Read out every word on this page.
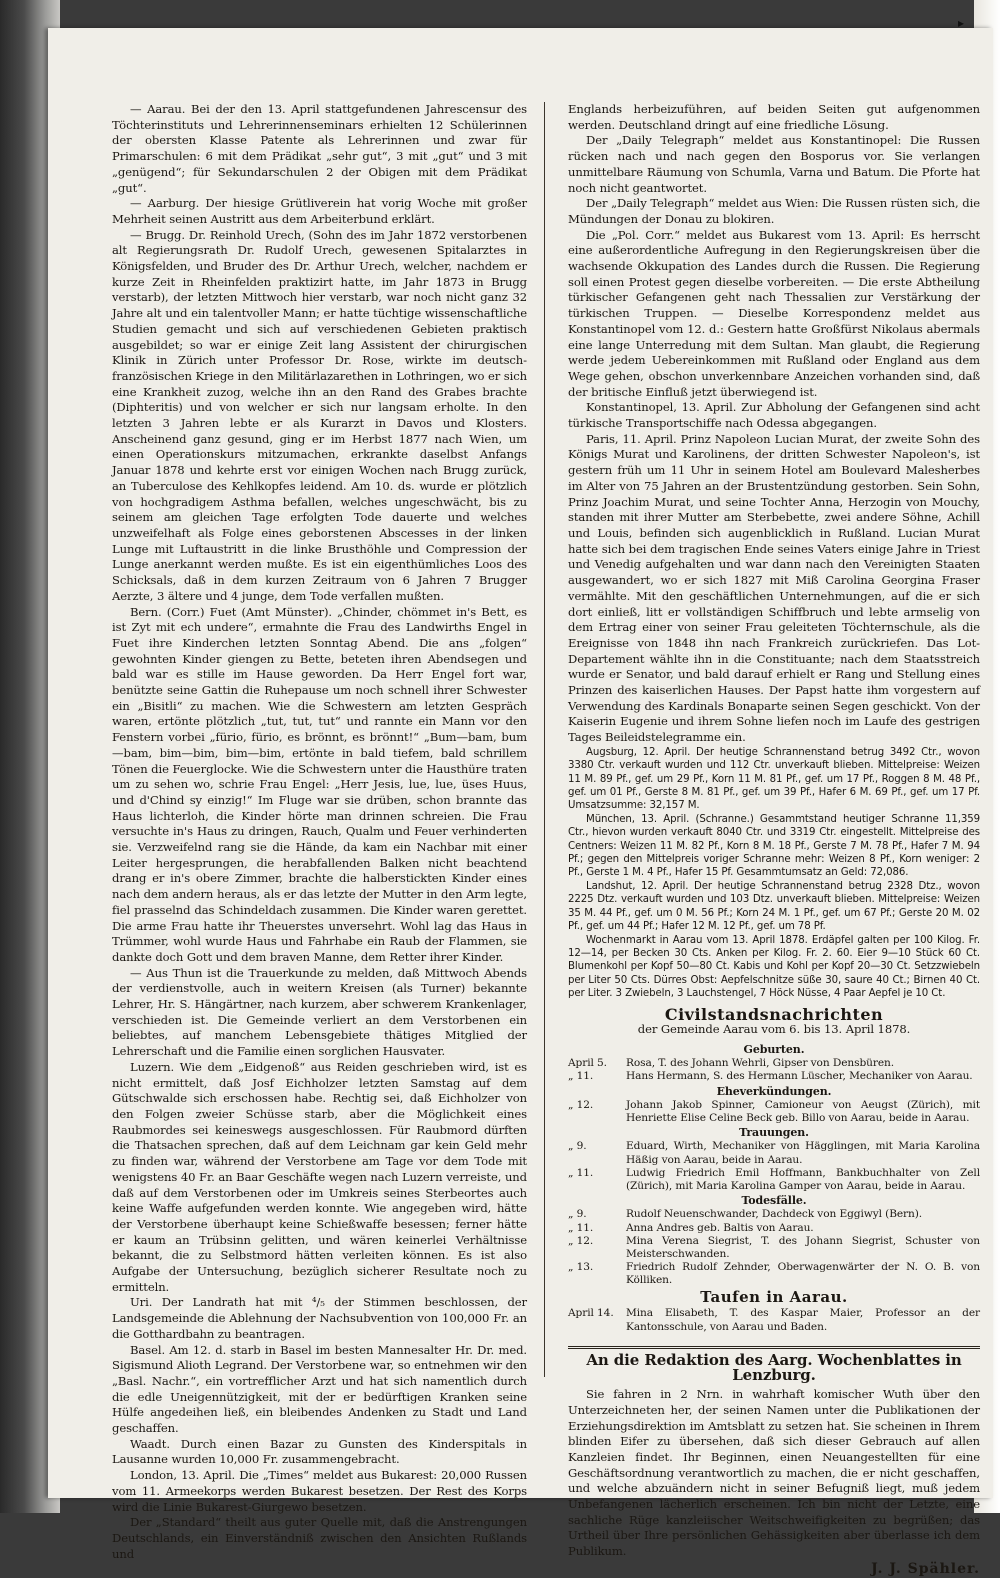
▸

— Aarau. Bei der den 13. April stattgefundenen Jahrescensur des Töchterinstituts und Lehrerinnenseminars erhielten 12 Schülerinnen der obersten Klasse Patente als Lehrerinnen und zwar für Primarschulen: 6 mit dem Prädikat „sehr gut“, 3 mit „gut“ und 3 mit „genügend“; für Sekundarschulen 2 der Obigen mit dem Prädikat „gut“.

— Aarburg. Der hiesige Grütliverein hat vorig Woche mit großer Mehrheit seinen Austritt aus dem Arbeiterbund erklärt.

— Brugg. Dr. Reinhold Urech, (Sohn des im Jahr 1872 verstorbenen alt Regierungsrath Dr. Rudolf Urech, gewesenen Spitalarztes in Königsfelden, und Bruder des Dr. Arthur Urech, welcher, nachdem er kurze Zeit in Rheinfelden praktizirt hatte, im Jahr 1873 in Brugg verstarb), der letzten Mittwoch hier verstarb, war noch nicht ganz 32 Jahre alt und ein talentvoller Mann; er hatte tüchtige wissenschaftliche Studien gemacht und sich auf verschiedenen Gebieten praktisch ausgebildet; so war er einige Zeit lang Assistent der chirurgischen Klinik in Zürich unter Professor Dr. Rose, wirkte im deutsch-französischen Kriege in den Militärlazarethen in Lothringen, wo er sich eine Krankheit zuzog, welche ihn an den Rand des Grabes brachte (Diphteritis) und von welcher er sich nur langsam erholte. In den letzten 3 Jahren lebte er als Kurarzt in Davos und Klosters. Anscheinend ganz gesund, ging er im Herbst 1877 nach Wien, um einen Operationskurs mitzumachen, erkrankte daselbst Anfangs Januar 1878 und kehrte erst vor einigen Wochen nach Brugg zurück, an Tuberculose des Kehlkopfes leidend. Am 10. ds. wurde er plötzlich von hochgradigem Asthma befallen, welches ungeschwächt, bis zu seinem am gleichen Tage erfolgten Tode dauerte und welches unzweifelhaft als Folge eines geborstenen Abscesses in der linken Lunge mit Luftaustritt in die linke Brusthöhle und Compression der Lunge anerkannt werden mußte. Es ist ein eigenthümliches Loos des Schicksals, daß in dem kurzen Zeitraum von 6 Jahren 7 Brugger Aerzte, 3 ältere und 4 junge, dem Tode verfallen mußten.

Bern. (Corr.) Fuet (Amt Münster). „Chinder, chömmet in's Bett, es ist Zyt mit ech undere“, ermahnte die Frau des Landwirths Engel in Fuet ihre Kinderchen letzten Sonntag Abend. Die ans „folgen“ gewohnten Kinder giengen zu Bette, beteten ihren Abendsegen und bald war es stille im Hause geworden. Da Herr Engel fort war, benützte seine Gattin die Ruhepause um noch schnell ihrer Schwester ein „Bisitli“ zu machen. Wie die Schwestern am letzten Gespräch waren, ertönte plötzlich „tut, tut, tut“ und rannte ein Mann vor den Fenstern vorbei „fürio, fürio, es brönnt, es brönnt!“ „Bum—bam, bum—bam, bim—bim, bim—bim, ertönte in bald tiefem, bald schrillem Tönen die Feuerglocke. Wie die Schwestern unter die Hausthüre traten um zu sehen wo, schrie Frau Engel: „Herr Jesis, lue, lue, üses Huus, und d'Chind sy einzig!“ Im Fluge war sie drüben, schon brannte das Haus lichterloh, die Kinder hörte man drinnen schreien. Die Frau versuchte in's Haus zu dringen, Rauch, Qualm und Feuer verhinderten sie. Verzweifelnd rang sie die Hände, da kam ein Nachbar mit einer Leiter hergesprungen, die herabfallenden Balken nicht beachtend drang er in's obere Zimmer, brachte die halberstickten Kinder eines nach dem andern heraus, als er das letzte der Mutter in den Arm legte, fiel prasselnd das Schindeldach zusammen. Die Kinder waren gerettet. Die arme Frau hatte ihr Theuerstes unversehrt. Wohl lag das Haus in Trümmer, wohl wurde Haus und Fahrhabe ein Raub der Flammen, sie dankte doch Gott und dem braven Manne, dem Retter ihrer Kinder.

— Aus Thun ist die Trauerkunde zu melden, daß Mittwoch Abends der verdienstvolle, auch in weitern Kreisen (als Turner) bekannte Lehrer, Hr. S. Hängärtner, nach kurzem, aber schwerem Krankenlager, verschieden ist. Die Gemeinde verliert an dem Verstorbenen ein beliebtes, auf manchem Lebensgebiete thätiges Mitglied der Lehrerschaft und die Familie einen sorglichen Hausvater.

Luzern. Wie dem „Eidgenoß“ aus Reiden geschrieben wird, ist es nicht ermittelt, daß Josf Eichholzer letzten Samstag auf dem Gütschwalde sich erschossen habe. Rechtig sei, daß Eichholzer von den Folgen zweier Schüsse starb, aber die Möglichkeit eines Raubmordes sei keineswegs ausgeschlossen. Für Raubmord dürften die Thatsachen sprechen, daß auf dem Leichnam gar kein Geld mehr zu finden war, während der Verstorbene am Tage vor dem Tode mit wenigstens 40 Fr. an Baar Geschäfte wegen nach Luzern verreiste, und daß auf dem Verstorbenen oder im Umkreis seines Sterbeortes auch keine Waffe aufgefunden werden konnte. Wie angegeben wird, hätte der Verstorbene überhaupt keine Schießwaffe besessen; ferner hätte er kaum an Trübsinn gelitten, und wären keinerlei Verhältnisse bekannt, die zu Selbstmord hätten verleiten können. Es ist also Aufgabe der Untersuchung, bezüglich sicherer Resultate noch zu ermitteln.

Uri. Der Landrath hat mit ⁴/₅ der Stimmen beschlossen, der Landsgemeinde die Ablehnung der Nachsubvention von 100,000 Fr. an die Gotthardbahn zu beantragen.

Basel. Am 12. d. starb in Basel im besten Mannesalter Hr. Dr. med. Sigismund Alioth Legrand. Der Verstorbene war, so entnehmen wir den „Basl. Nachr.“, ein vortrefflicher Arzt und hat sich namentlich durch die edle Uneigennützigkeit, mit der er bedürftigen Kranken seine Hülfe angedeihen ließ, ein bleibendes Andenken zu Stadt und Land geschaffen.

Waadt. Durch einen Bazar zu Gunsten des Kinderspitals in Lausanne wurden 10,000 Fr. zusammengebracht.

London, 13. April. Die „Times“ meldet aus Bukarest: 20,000 Russen vom 11. Armeekorps werden Bukarest besetzen. Der Rest des Korps wird die Linie Bukarest-Giurgewo besetzen.

Der „Standard“ theilt aus guter Quelle mit, daß die Anstrengungen Deutschlands, ein Einverständniß zwischen den Ansichten Rußlands und

Englands herbeizuführen, auf beiden Seiten gut aufgenommen werden. Deutschland dringt auf eine friedliche Lösung.

Der „Daily Telegraph“ meldet aus Konstantinopel: Die Russen rücken nach und nach gegen den Bosporus vor. Sie verlangen unmittelbare Räumung von Schumla, Varna und Batum. Die Pforte hat noch nicht geantwortet.

Der „Daily Telegraph“ meldet aus Wien: Die Russen rüsten sich, die Mündungen der Donau zu blokiren.

Die „Pol. Corr.“ meldet aus Bukarest vom 13. April: Es herrscht eine außerordentliche Aufregung in den Regierungskreisen über die wachsende Okkupation des Landes durch die Russen. Die Regierung soll einen Protest gegen dieselbe vorbereiten. — Die erste Abtheilung türkischer Gefangenen geht nach Thessalien zur Verstärkung der türkischen Truppen. — Dieselbe Korrespondenz meldet aus Konstantinopel vom 12. d.: Gestern hatte Großfürst Nikolaus abermals eine lange Unterredung mit dem Sultan. Man glaubt, die Regierung werde jedem Uebereinkommen mit Rußland oder England aus dem Wege gehen, obschon unverkennbare Anzeichen vorhanden sind, daß der britische Einfluß jetzt überwiegend ist.

Konstantinopel, 13. April. Zur Abholung der Gefangenen sind acht türkische Transportschiffe nach Odessa abgegangen.

Paris, 11. April. Prinz Napoleon Lucian Murat, der zweite Sohn des Königs Murat und Karolinens, der dritten Schwester Napoleon's, ist gestern früh um 11 Uhr in seinem Hotel am Boulevard Malesherbes im Alter von 75 Jahren an der Brustentzündung gestorben. Sein Sohn, Prinz Joachim Murat, und seine Tochter Anna, Herzogin von Mouchy, standen mit ihrer Mutter am Sterbebette, zwei andere Söhne, Achill und Louis, befinden sich augenblicklich in Rußland. Lucian Murat hatte sich bei dem tragischen Ende seines Vaters einige Jahre in Triest und Venedig aufgehalten und war dann nach den Vereinigten Staaten ausgewandert, wo er sich 1827 mit Miß Carolina Georgina Fraser vermählte. Mit den geschäftlichen Unternehmungen, auf die er sich dort einließ, litt er vollständigen Schiffbruch und lebte armselig von dem Ertrag einer von seiner Frau geleiteten Töchternschule, als die Ereignisse von 1848 ihn nach Frankreich zurückriefen. Das Lot-Departement wählte ihn in die Constituante; nach dem Staatsstreich wurde er Senator, und bald darauf erhielt er Rang und Stellung eines Prinzen des kaiserlichen Hauses. Der Papst hatte ihm vorgestern auf Verwendung des Kardinals Bonaparte seinen Segen geschickt. Von der Kaiserin Eugenie und ihrem Sohne liefen noch im Laufe des gestrigen Tages Beileidstelegramme ein.

Augsburg, 12. April. Der heutige Schrannenstand betrug 3492 Ctr., wovon 3380 Ctr. verkauft wurden und 112 Ctr. unverkauft blieben. Mittelpreise: Weizen 11 M. 89 Pf., gef. um 29 Pf., Korn 11 M. 81 Pf., gef. um 17 Pf., Roggen 8 M. 48 Pf., gef. um 01 Pf., Gerste 8 M. 81 Pf., gef. um 39 Pf., Hafer 6 M. 69 Pf., gef. um 17 Pf. Umsatzsumme: 32,157 M.

München, 13. April. (Schranne.) Gesammtstand heutiger Schranne 11,359 Ctr., hievon wurden verkauft 8040 Ctr. und 3319 Ctr. eingestellt. Mittelpreise des Centners: Weizen 11 M. 82 Pf., Korn 8 M. 18 Pf., Gerste 7 M. 78 Pf., Hafer 7 M. 94 Pf.; gegen den Mittelpreis voriger Schranne mehr: Weizen 8 Pf., Korn weniger: 2 Pf., Gerste 1 M. 4 Pf., Hafer 15 Pf. Gesammtumsatz an Geld: 72,086.

Landshut, 12. April. Der heutige Schrannenstand betrug 2328 Dtz., wovon 2225 Dtz. verkauft wurden und 103 Dtz. unverkauft blieben. Mittelpreise: Weizen 35 M. 44 Pf., gef. um 0 M. 56 Pf.; Korn 24 M. 1 Pf., gef. um 67 Pf.; Gerste 20 M. 02 Pf., gef. um 44 Pf.; Hafer 12 M. 12 Pf., gef. um 78 Pf.

Wochenmarkt in Aarau vom 13. April 1878. Erdäpfel galten per 100 Kilog. Fr. 12—14, per Becken 30 Cts. Anken per Kilog. Fr. 2. 60. Eier 9—10 Stück 60 Ct. Blumenkohl per Kopf 50—80 Ct. Kabis und Kohl per Kopf 20—30 Ct. Setzzwiebeln per Liter 50 Cts. Dürres Obst: Aepfelschnitze süße 30, saure 40 Ct.; Birnen 40 Ct. per Liter. 3 Zwiebeln, 3 Lauchstengel, 7 Höck Nüsse, 4 Paar Aepfel je 10 Ct.

Civilstandsnachrichten
der Gemeinde Aarau vom 6. bis 13. April 1878.
Geburten.	
April 5.	Rosa, T. des Johann Wehrli, Gipser von Densbüren.
„ 11.	Hans Hermann, S. des Hermann Lüscher, Mechaniker von Aarau.
Eheverkündungen.	
„ 12.	Johann Jakob Spinner, Camioneur von Aeugst (Zürich), mit Henriette Elise Celine Beck geb. Billo von Aarau, beide in Aarau.
Trauungen.	
„ 9.	Eduard, Wirth, Mechaniker von Hägglingen, mit Maria Karolina Häßig von Aarau, beide in Aarau.
„ 11.	Ludwig Friedrich Emil Hoffmann, Bankbuchhalter von Zell (Zürich), mit Maria Karolina Gamper von Aarau, beide in Aarau.
Todesfälle.	
„ 9.	Rudolf Neuenschwander, Dachdeck von Eggiwyl (Bern).
„ 11.	Anna Andres geb. Baltis von Aarau.
„ 12.	Mina Verena Siegrist, T. des Johann Siegrist, Schuster von Meisterschwanden.
„ 13.	Friedrich Rudolf Zehnder, Oberwagenwärter der N. O. B. von Kölliken.
Taufen in Aarau.
April 14.	Mina Elisabeth, T. des Kaspar Maier, Professor an der Kantonsschule, von Aarau und Baden.
An die Redaktion des Aarg. Wochenblattes in Lenzburg.

Sie fahren in 2 Nrn. in wahrhaft komischer Wuth über den Unterzeichneten her, der seinen Namen unter die Publikationen der Erziehungsdirektion im Amtsblatt zu setzen hat. Sie scheinen in Ihrem blinden Eifer zu übersehen, daß sich dieser Gebrauch auf allen Kanzleien findet. Ihr Beginnen, einen Neuangestellten für eine Geschäftsordnung verantwortlich zu machen, die er nicht geschaffen, und welche abzuändern nicht in seiner Befugniß liegt, muß jedem Unbefangenen lächerlich erscheinen. Ich bin nicht der Letzte, eine sachliche Rüge kanzleiischer Weitschweifigkeiten zu begrüßen; das Urtheil über Ihre persönlichen Gehässigkeiten aber überlasse ich dem Publikum.

J. J. Spähler.
